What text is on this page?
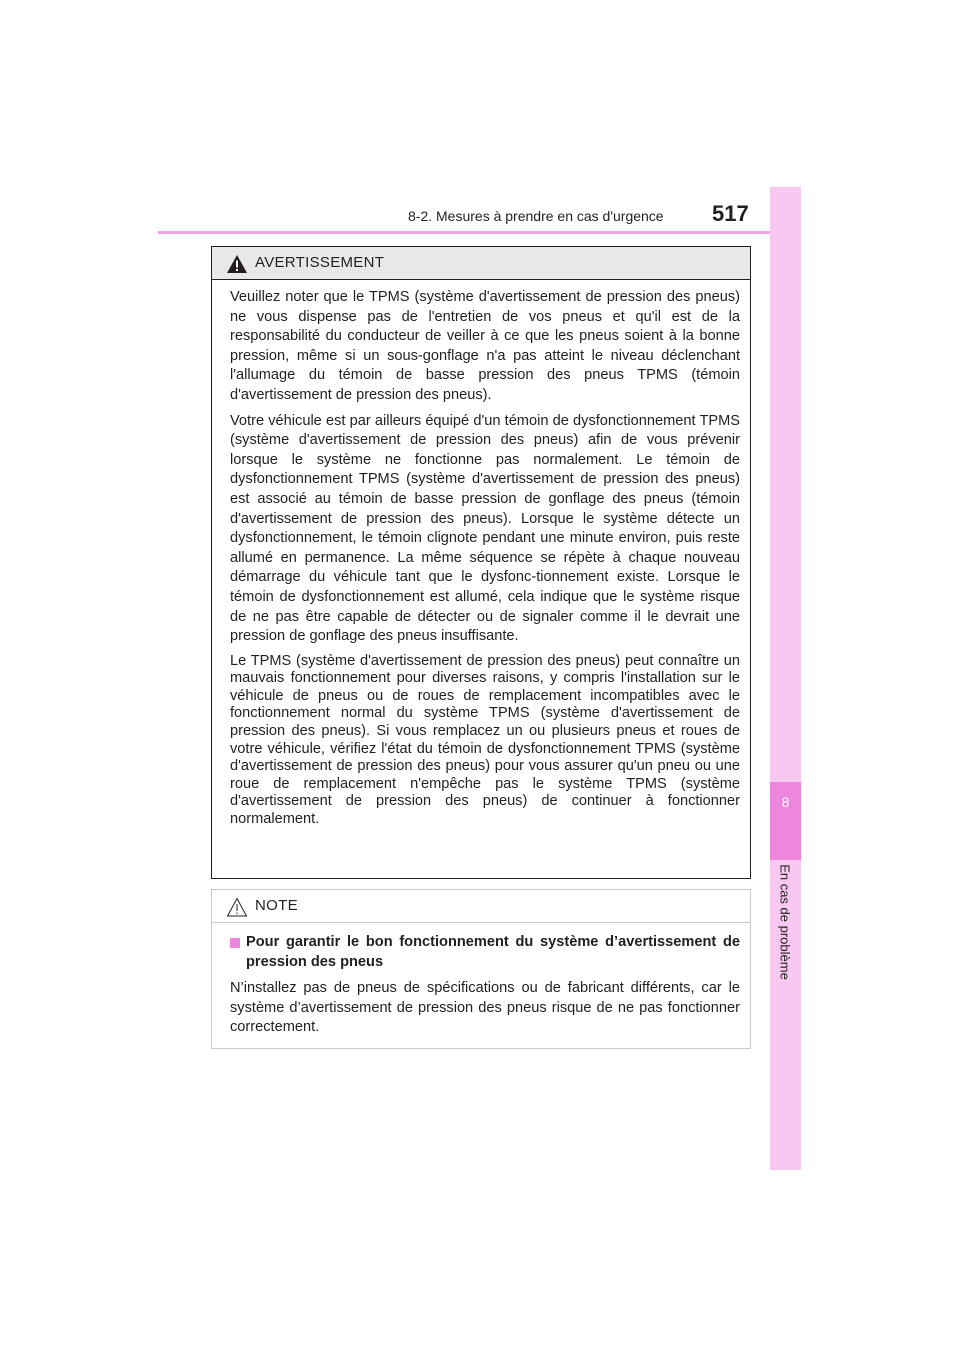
8-2. Mesures à prendre en cas d'urgence 517
8
En cas de problème
AVERTISSEMENT

Veuillez noter que le TPMS (système d'avertissement de pression des pneus) ne vous dispense pas de l'entretien de vos pneus et qu'il est de la responsabilité du conducteur de veiller à ce que les pneus soient à la bonne pression, même si un sous-gonflage n'a pas atteint le niveau déclenchant l'allumage du témoin de basse pression des pneus TPMS (témoin d'avertissement de pression des pneus).

Votre véhicule est par ailleurs équipé d'un témoin de dysfonctionnement TPMS (système d'avertissement de pression des pneus) afin de vous prévenir lorsque le système ne fonctionne pas normalement. Le témoin de dysfonctionnement TPMS (système d'avertissement de pression des pneus) est associé au témoin de basse pression de gonflage des pneus (témoin d'avertissement de pression des pneus). Lorsque le système détecte un dysfonctionnement, le témoin clignote pendant une minute environ, puis reste allumé en permanence. La même séquence se répète à chaque nouveau démarrage du véhicule tant que le dysfonc-tionnement existe. Lorsque le témoin de dysfonctionnement est allumé, cela indique que le système risque de ne pas être capable de détecter ou de signaler comme il le devrait une pression de gonflage des pneus insuffisante.

Le TPMS (système d'avertissement de pression des pneus) peut connaître un mauvais fonctionnement pour diverses raisons, y compris l'installation sur le véhicule de pneus ou de roues de remplacement incompatibles avec le fonctionnement normal du système TPMS (système d'avertissement de pression des pneus). Si vous remplacez un ou plusieurs pneus et roues de votre véhicule, vérifiez l'état du témoin de dysfonctionnement TPMS (système d'avertissement de pression des pneus) pour vous assurer qu'un pneu ou une roue de remplacement n'empêche pas le système TPMS (système d'avertissement de pression des pneus) de continuer à fonctionner normalement.

NOTE
Pour garantir le bon fonctionnement du système d’avertissement de pression des pneus

N’installez pas de pneus de spécifications ou de fabricant différents, car le système d’avertissement de pression des pneus risque de ne pas fonctionner correctement.
